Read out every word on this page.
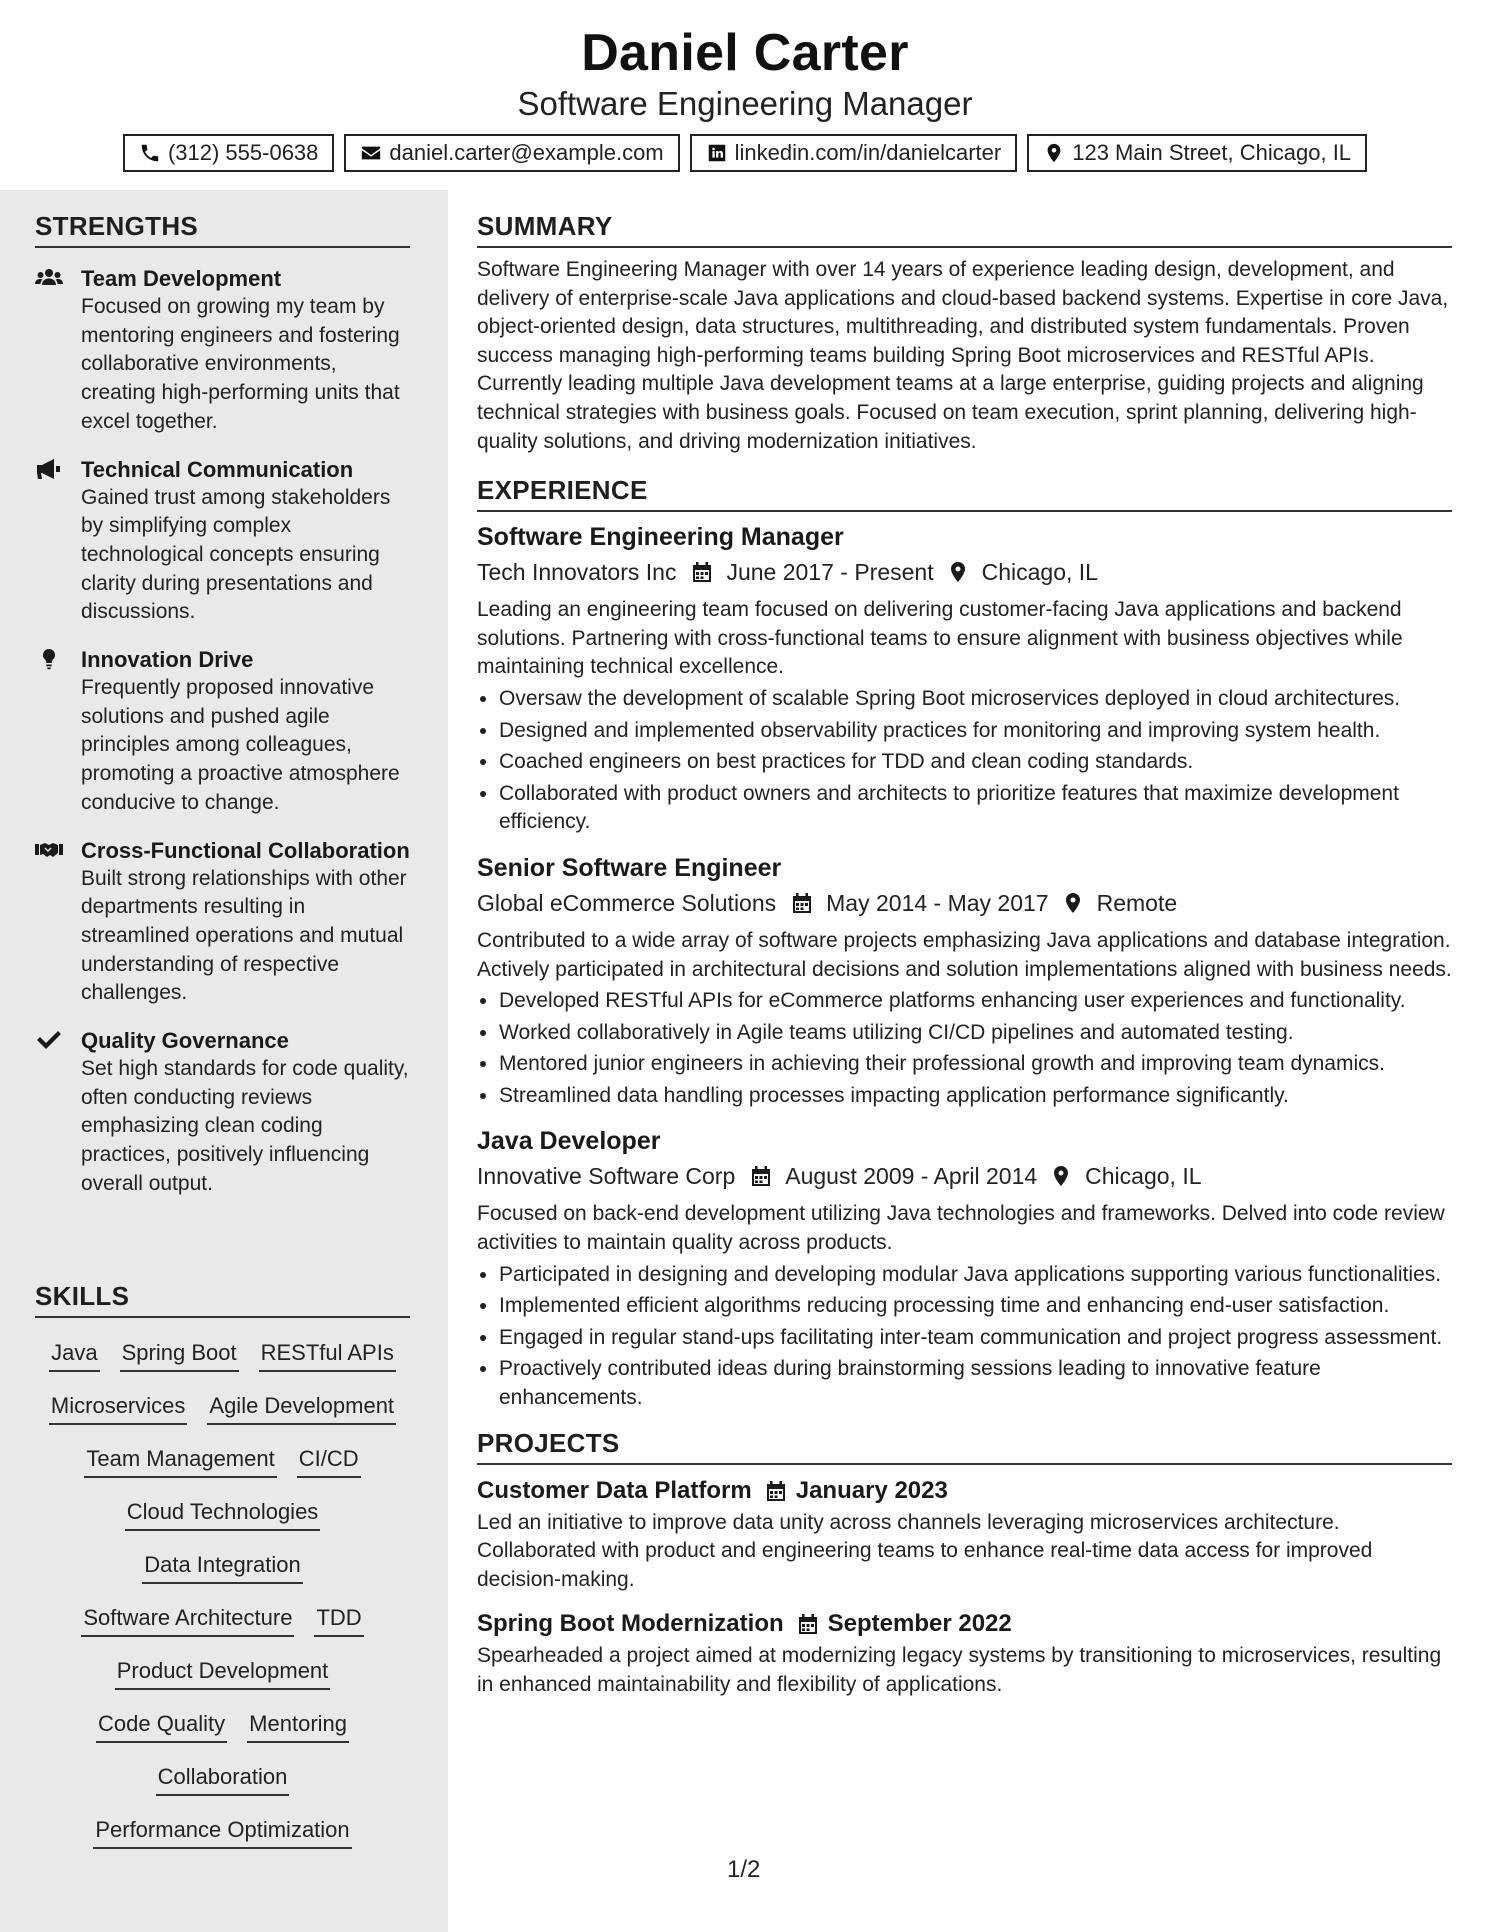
Daniel Carter
Software Engineering Manager
(312) 555-0638	daniel.carter@example.com	linkedin.com/in/danielcarter	123 Main Street, Chicago, IL
STRENGTHS
Team Development
Focused on growing my team by mentoring engineers and fostering collaborative environments, creating high-performing units that excel together.
Technical Communication
Gained trust among stakeholders by simplifying complex technological concepts ensuring clarity during presentations and discussions.
Innovation Drive
Frequently proposed innovative solutions and pushed agile principles among colleagues, promoting a proactive atmosphere conducive to change.
Cross-Functional Collaboration
Built strong relationships with other departments resulting in streamlined operations and mutual understanding of respective challenges.
Quality Governance
Set high standards for code quality, often conducting reviews emphasizing clean coding practices, positively influencing overall output.
SKILLS
Java Spring Boot RESTful APIs
Microservices Agile Development
Team Management CI/CD
Cloud Technologies
Data Integration
Software Architecture TDD
Product Development
Code Quality Mentoring
Collaboration
Performance Optimization
SUMMARY

Software Engineering Manager with over 14 years of experience leading design, development, and delivery of enterprise-scale Java applications and cloud-based backend systems. Expertise in core Java, object-oriented design, data structures, multithreading, and distributed system fundamentals. Proven success managing high-performing teams building Spring Boot microservices and RESTful APIs. Currently leading multiple Java development teams at a large enterprise, guiding projects and aligning technical strategies with business goals. Focused on team execution, sprint planning, delivering high-quality solutions, and driving modernization initiatives.

EXPERIENCE
Software Engineering Manager
Tech Innovators Inc June 2017 - Present Chicago, IL
Leading an engineering team focused on delivering customer-facing Java applications and backend solutions. Partnering with cross-functional teams to ensure alignment with business objectives while maintaining technical excellence.
• Oversaw the development of scalable Spring Boot microservices deployed in cloud architectures.
• Designed and implemented observability practices for monitoring and improving system health.
• Coached engineers on best practices for TDD and clean coding standards.
• Collaborated with product owners and architects to prioritize features that maximize development efficiency.
Senior Software Engineer
Global eCommerce Solutions May 2014 - May 2017 Remote
Contributed to a wide array of software projects emphasizing Java applications and database integration. Actively participated in architectural decisions and solution implementations aligned with business needs.
• Developed RESTful APIs for eCommerce platforms enhancing user experiences and functionality.
• Worked collaboratively in Agile teams utilizing CI/CD pipelines and automated testing.
• Mentored junior engineers in achieving their professional growth and improving team dynamics.
• Streamlined data handling processes impacting application performance significantly.
Java Developer
Innovative Software Corp August 2009 - April 2014 Chicago, IL
Focused on back-end development utilizing Java technologies and frameworks. Delved into code review activities to maintain quality across products.
• Participated in designing and developing modular Java applications supporting various functionalities.
• Implemented efficient algorithms reducing processing time and enhancing end-user satisfaction.
• Engaged in regular stand-ups facilitating inter-team communication and project progress assessment.
• Proactively contributed ideas during brainstorming sessions leading to innovative feature enhancements.
PROJECTS
Customer Data Platform January 2023
Led an initiative to improve data unity across channels leveraging microservices architecture. Collaborated with product and engineering teams to enhance real-time data access for improved decision-making.
Spring Boot Modernization September 2022
Spearheaded a project aimed at modernizing legacy systems by transitioning to microservices, resulting in enhanced maintainability and flexibility of applications.
1/2
